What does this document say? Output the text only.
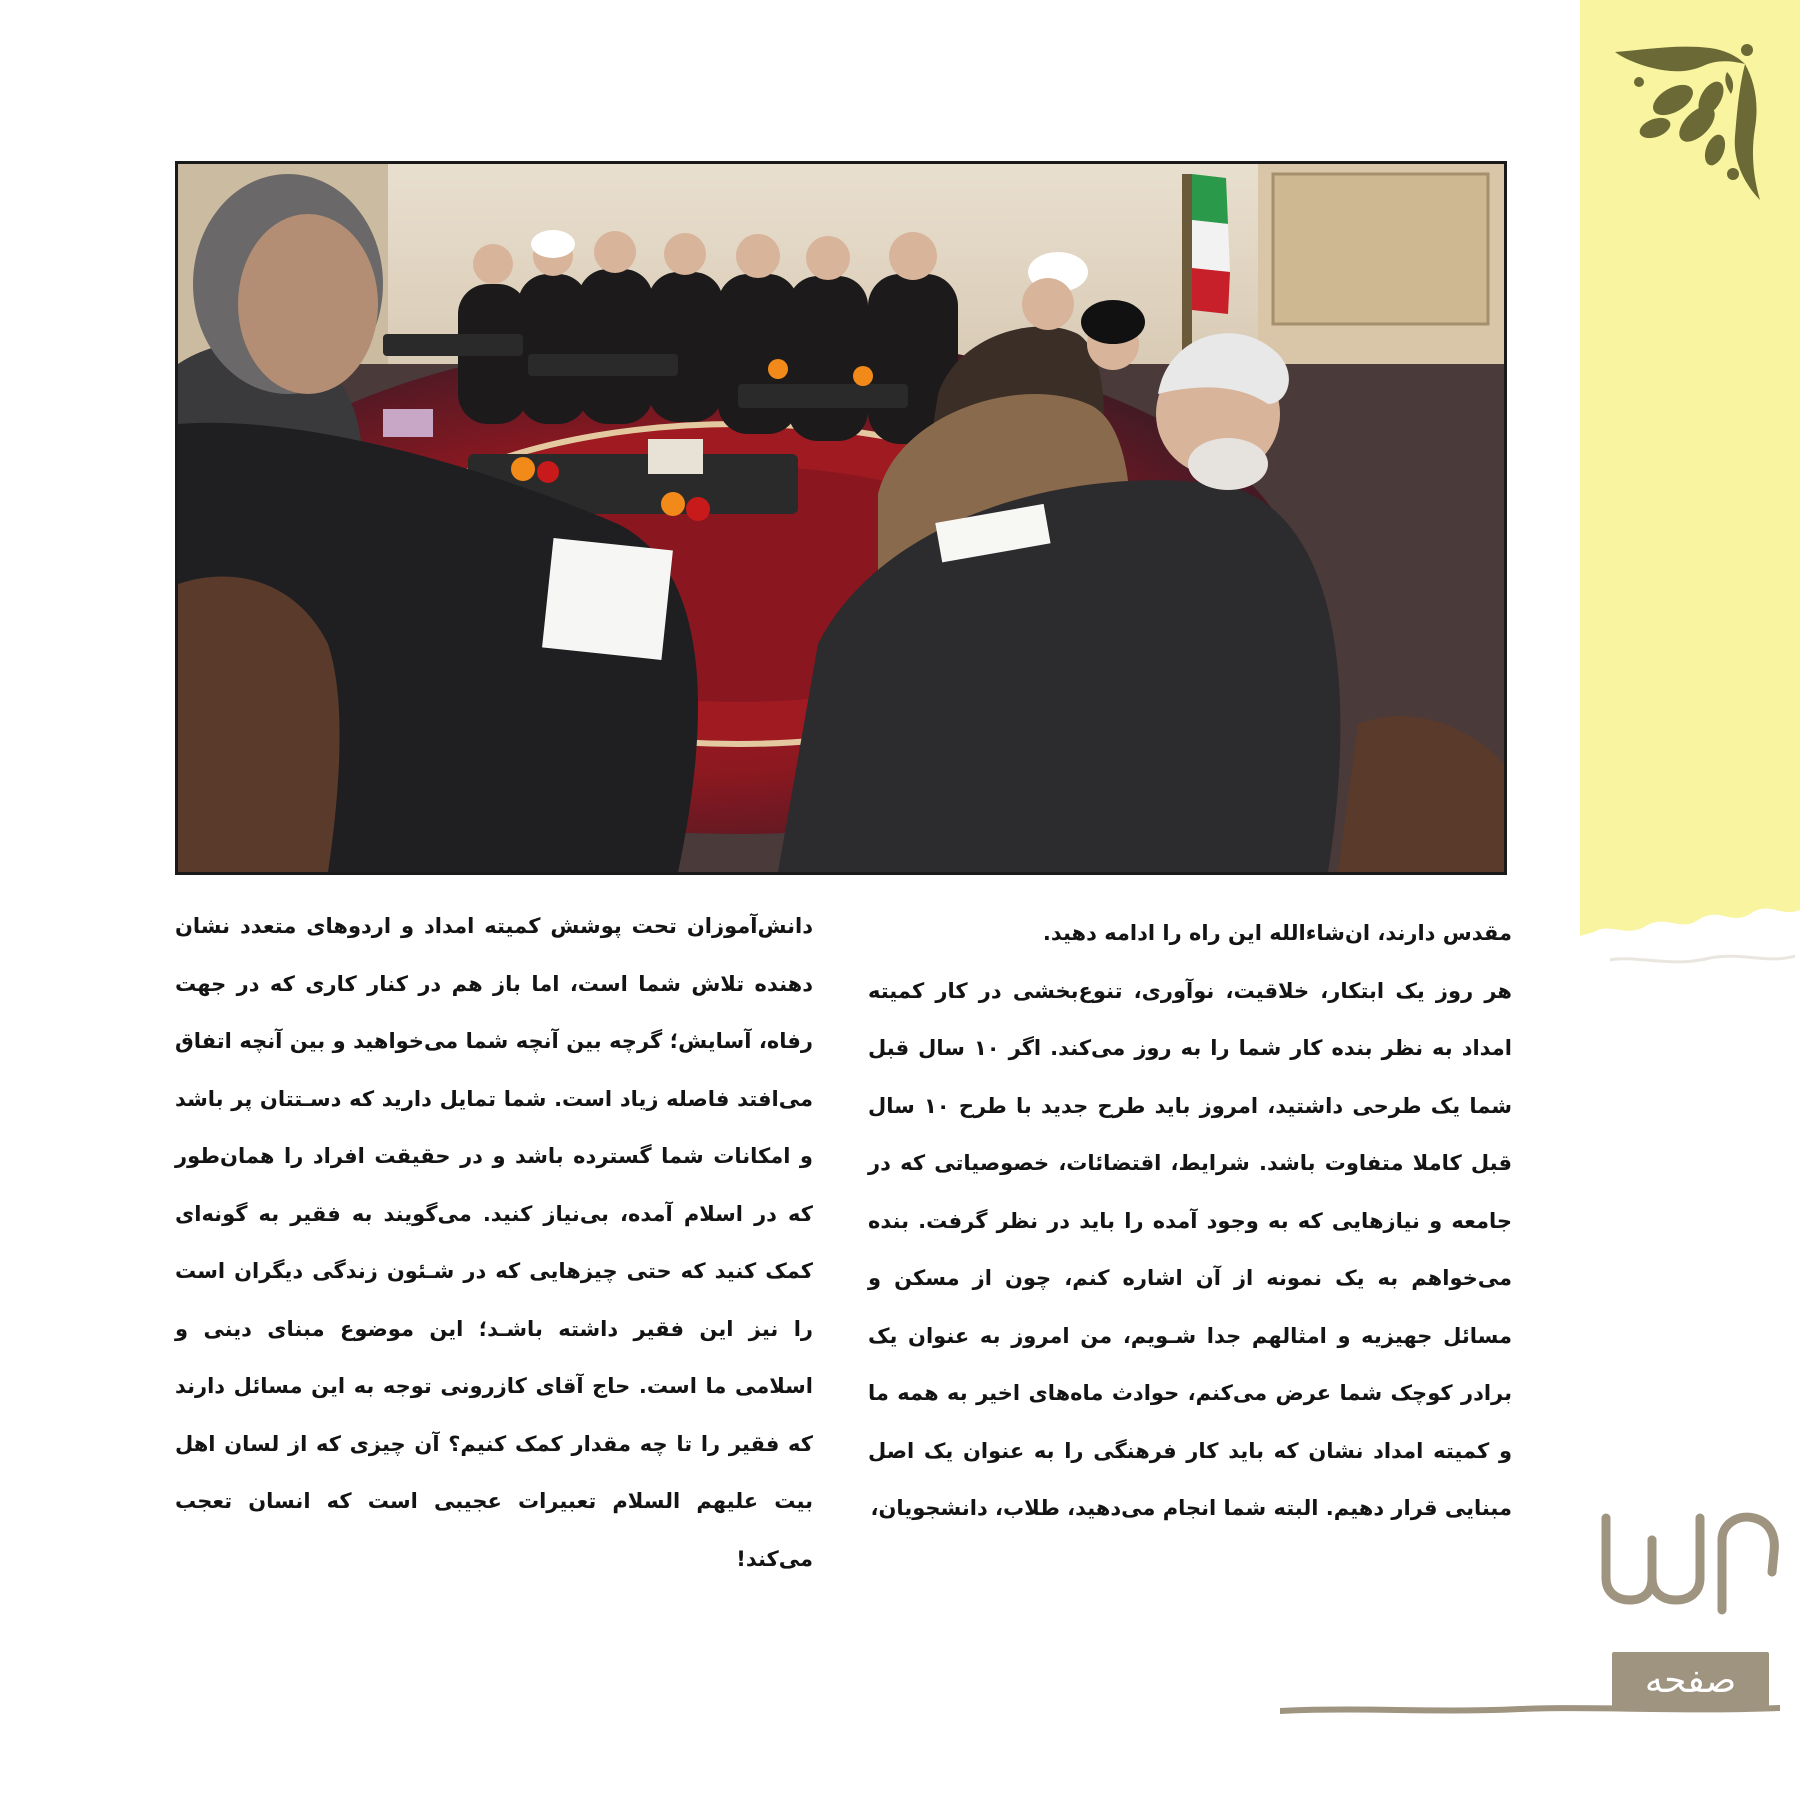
مقدس دارند، ان‌شاءالله این راه را ادامه دهید.

هر روز یک ابتکار، خلاقیت، نوآوری، تنوع‌بخشی در کار کمیته امداد به نظر بنده کار شما را به روز می‌کند. اگر ۱۰ سال قبل شما یک طرحی داشتید، امروز باید طرح جدید با طرح ۱۰ سال قبل کاملا متفاوت باشد. شرایط، اقتضائات، خصوصیاتی که در جامعه و نیازهایی که به وجود آمده را باید در نظر گرفت. بنده می‌خواهم به یک نمونه از آن اشاره کنم، چون از مسکن و مسائل جهیزیه و امثالهم جدا شـویم، من امروز به عنوان یک برادر کوچک شما عرض می‌کنم، حوادث ماه‌های اخیر به همه ما و کمیته امداد نشان که باید کار فرهنگی را به عنوان یک اصل مبنایی قرار دهیم. البته شما انجام می‌دهید، طلاب، دانشجویان،

دانش‌آموزان تحت پوشش کمیته امداد و اردوهای متعدد نشان دهنده تلاش شما است، اما باز هم در کنار کاری که در جهت رفاه، آسایش؛ گرچه بین آنچه شما می‌خواهید و بین آنچه اتفاق می‌افتد فاصله زیاد است. شما تمایل دارید که دسـتتان پر باشد و امکانات شما گسترده باشد و در حقیقت افراد را همان‌طور که در اسلام آمده، بی‌نیاز کنید. می‌گویند به فقیر به گونه‌ای کمک کنید که حتی چیزهایی که در شـئون زندگی دیگران است را نیز این فقیر داشته باشـد؛ این موضوع مبنای دینی و اسلامی ما است. حاج آقای کازرونی توجه به این مسائل دارند که فقیر را تا چه مقدار کمک کنیم؟ آن چیزی که از لسان اهل بیت علیهم السلام تعبیرات عجیبی است که انسان تعجب می‌کند!

۳۲
صفحه
